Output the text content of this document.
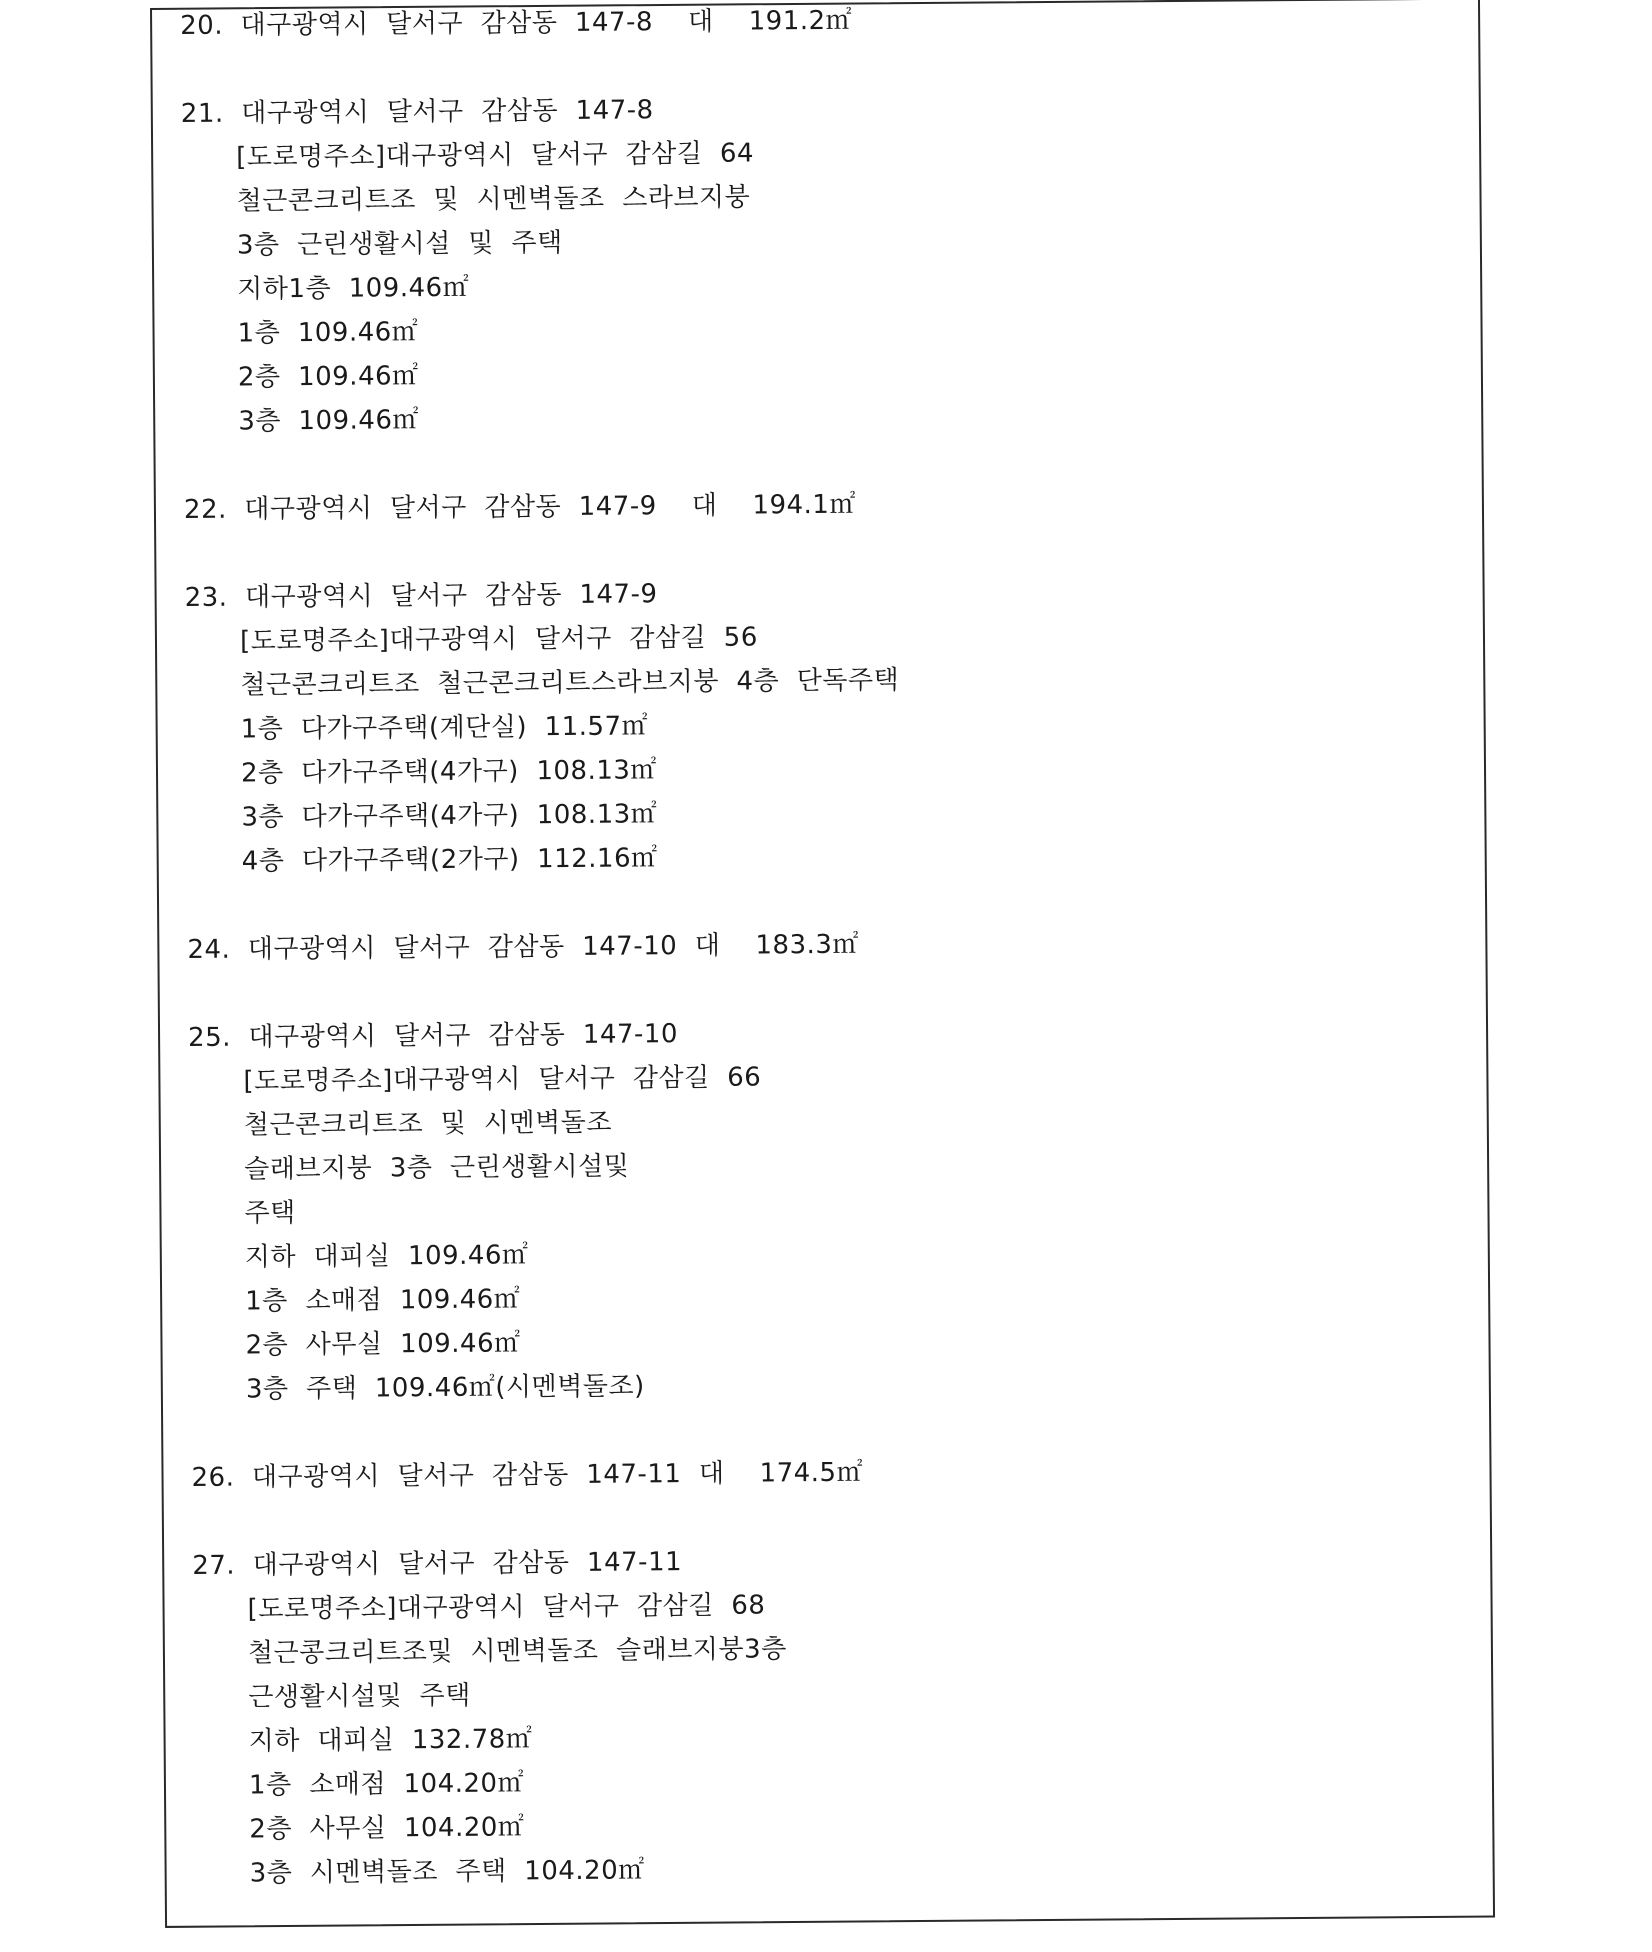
20.  대구광역시  달서구  감삼동  147-8    대    191.2㎡
21.  대구광역시  달서구  감삼동  147-8
[도로명주소]대구광역시  달서구  감삼길  64
철근콘크리트조  및  시멘벽돌조  스라브지붕
3층  근린생활시설  및  주택
지하1층  109.46㎡
1층  109.46㎡
2층  109.46㎡
3층  109.46㎡
22.  대구광역시  달서구  감삼동  147-9    대    194.1㎡
23.  대구광역시  달서구  감삼동  147-9
[도로명주소]대구광역시  달서구  감삼길  56
철근콘크리트조  철근콘크리트스라브지붕  4층  단독주택
1층  다가구주택(계단실)  11.57㎡
2층  다가구주택(4가구)  108.13㎡
3층  다가구주택(4가구)  108.13㎡
4층  다가구주택(2가구)  112.16㎡
24.  대구광역시  달서구  감삼동  147-10  대    183.3㎡
25.  대구광역시  달서구  감삼동  147-10
[도로명주소]대구광역시  달서구  감삼길  66
철근콘크리트조  및  시멘벽돌조
슬래브지붕  3층  근린생활시설및
주택
지하  대피실  109.46㎡
1층  소매점  109.46㎡
2층  사무실  109.46㎡
3층  주택  109.46㎡(시멘벽돌조)
26.  대구광역시  달서구  감삼동  147-11  대    174.5㎡
27.  대구광역시  달서구  감삼동  147-11
[도로명주소]대구광역시  달서구  감삼길  68
철근콩크리트조및  시멘벽돌조  슬래브지붕3층
근생활시설및  주택
지하  대피실  132.78㎡
1층  소매점  104.20㎡
2층  사무실  104.20㎡
3층  시멘벽돌조  주택  104.20㎡
